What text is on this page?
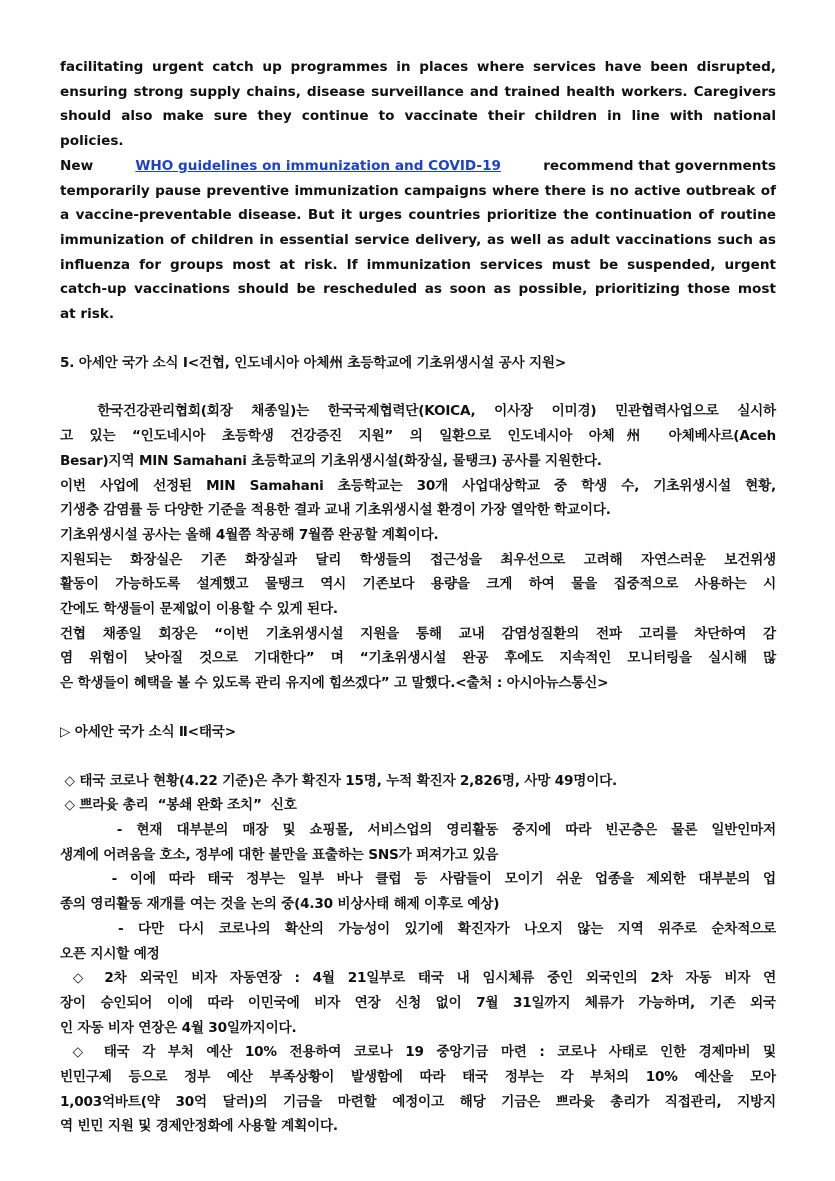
facilitating urgent catch up programmes in places where services have been disrupted,

ensuring strong supply chains, disease surveillance and trained health workers. Caregivers

should also make sure they continue to vaccinate their children in line with national

policies.

New	WHO guidelines on immunization and COVID-19	recommend that governments

temporarily pause preventive immunization campaigns where there is no active outbreak of

a vaccine-preventable disease. But it urges countries prioritize the continuation of routine

immunization of children in essential service delivery, as well as adult vaccinations such as

influenza for groups most at risk. If immunization services must be suspended, urgent

catch-up vaccinations should be rescheduled as soon as possible, prioritizing those most

at risk.

5. 아세안 국가 소식 Ⅰ<건협, 인도네시아 아체州 초등학교에 기초위생시설 공사 지원>

한국건강관리협회(회장 채종일)는 한국국제협력단(KOICA, 이사장 이미경) 민관협력사업으로 실시하

고 있는 “인도네시아 초등학생 건강증진 지원” 의 일환으로 인도네시아 아체州 아체베사르(Aceh

Besar)지역 MIN Samahani 초등학교의 기초위생시설(화장실, 물탱크) 공사를 지원한다.

이번 사업에 선정된 MIN Samahani 초등학교는 30개 사업대상학교 중 학생 수, 기초위생시설 현황,

기생충 감염률 등 다양한 기준을 적용한 결과 교내 기초위생시설 환경이 가장 열악한 학교이다.

기초위생시설 공사는 올해 4월쯤 착공해 7월쯤 완공할 계획이다.

지원되는 화장실은 기존 화장실과 달리 학생들의 접근성을 최우선으로 고려해 자연스러운 보건위생

활동이 가능하도록 설계했고 물탱크 역시 기존보다 용량을 크게 하여 물을 집중적으로 사용하는 시

간에도 학생들이 문제없이 이용할 수 있게 된다.

건협 채종일 회장은 “이번 기초위생시설 지원을 통해 교내 감염성질환의 전파 고리를 차단하여 감

염 위험이 낮아질 것으로 기대한다” 며 “기초위생시설 완공 후에도 지속적인 모니터링을 실시해 많

은 학생들이 혜택을 볼 수 있도록 관리 유지에 힘쓰겠다” 고 말했다.<출처 : 아시아뉴스통신>

▷ 아세안 국가 소식 Ⅱ<태국>

◇ 태국 코로나 현황(4.22 기준)은 추가 확진자 15명, 누적 확진자 2,826명, 사망 49명이다.

◇ 쁘라윳 총리  “봉쇄 완화 조치”  신호

- 현재 대부분의 매장 및 쇼핑몰, 서비스업의 영리활동 중지에 따라 빈곤층은 물론 일반인마저

생계에 어려움을 호소, 정부에 대한 불만을 표출하는 SNS가 퍼져가고 있음

- 이에 따라 태국 정부는 일부 바나 클럽 등 사람들이 모이기 쉬운 업종을 제외한 대부분의 업

종의 영리활동 재개를 여는 것을 논의 중(4.30 비상사태 해제 이후로 예상)

- 다만 다시 코로나의 확산의 가능성이 있기에 확진자가 나오지 않는 지역 위주로 순차적으로

오픈 지시할 예정

◇ 2차 외국인 비자 자동연장 : 4월 21일부로 태국 내 임시체류 중인 외국인의 2차 자동 비자 연

장이 승인되어 이에 따라 이민국에 비자 연장 신청 없이 7월 31일까지 체류가 가능하며, 기존 외국

인 자동 비자 연장은 4월 30일까지이다.

◇ 태국 각 부처 예산 10% 전용하여 코로나 19 중앙기금 마련 : 코로나 사태로 인한 경제마비 및

빈민구제 등으로 정부 예산 부족상황이 발생함에 따라 태국 정부는 각 부처의 10% 예산을 모아

1,003억바트(약 30억 달러)의 기금을 마련할 예정이고 해당 기금은 쁘라윳 총리가 직접관리, 지방지

역 빈민 지원 및 경제안정화에 사용할 계획이다.
